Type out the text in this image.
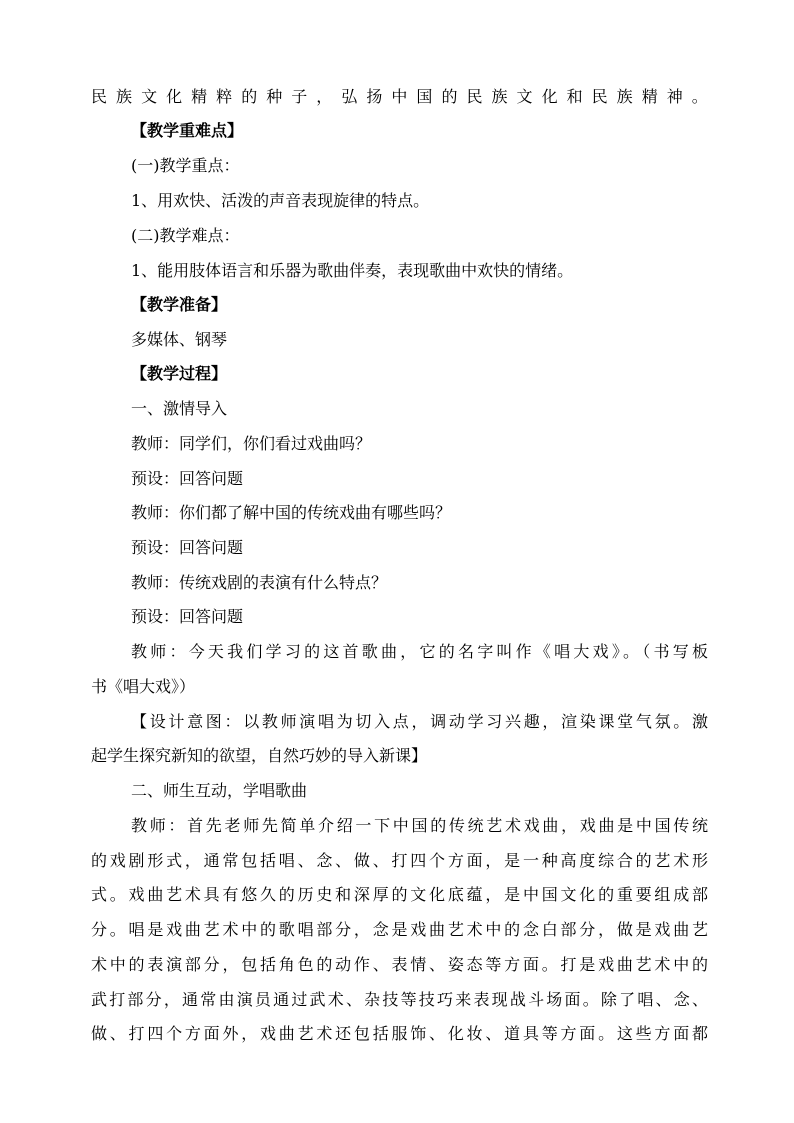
民族文化精粹的种子，弘扬中国的民族文化和民族精神。
【教学重难点】
(一)教学重点：
1、用欢快、活泼的声音表现旋律的特点。
(二)教学难点：
1、能用肢体语言和乐器为歌曲伴奏，表现歌曲中欢快的情绪。
【教学准备】
多媒体、钢琴
【教学过程】
一、激情导入
教师：同学们，你们看过戏曲吗？
预设：回答问题
教师：你们都了解中国的传统戏曲有哪些吗？
预设：回答问题
教师：传统戏剧的表演有什么特点？
预设：回答问题
教师：今天我们学习的这首歌曲，它的名字叫作《唱大戏》。（书写板
书《唱大戏》）
【设计意图：以教师演唱为切入点，调动学习兴趣，渲染课堂气氛。激
起学生探究新知的欲望，自然巧妙的导入新课】
二、师生互动，学唱歌曲
教师：首先老师先简单介绍一下中国的传统艺术戏曲，戏曲是中国传统
的戏剧形式，通常包括唱、念、做、打四个方面，是一种高度综合的艺术形
式。戏曲艺术具有悠久的历史和深厚的文化底蕴，是中国文化的重要组成部
分。唱是戏曲艺术中的歌唱部分，念是戏曲艺术中的念白部分，做是戏曲艺
术中的表演部分，包括角色的动作、表情、姿态等方面。打是戏曲艺术中的
武打部分，通常由演员通过武术、杂技等技巧来表现战斗场面。除了唱、念、
做、打四个方面外，戏曲艺术还包括服饰、化妆、道具等方面。这些方面都
